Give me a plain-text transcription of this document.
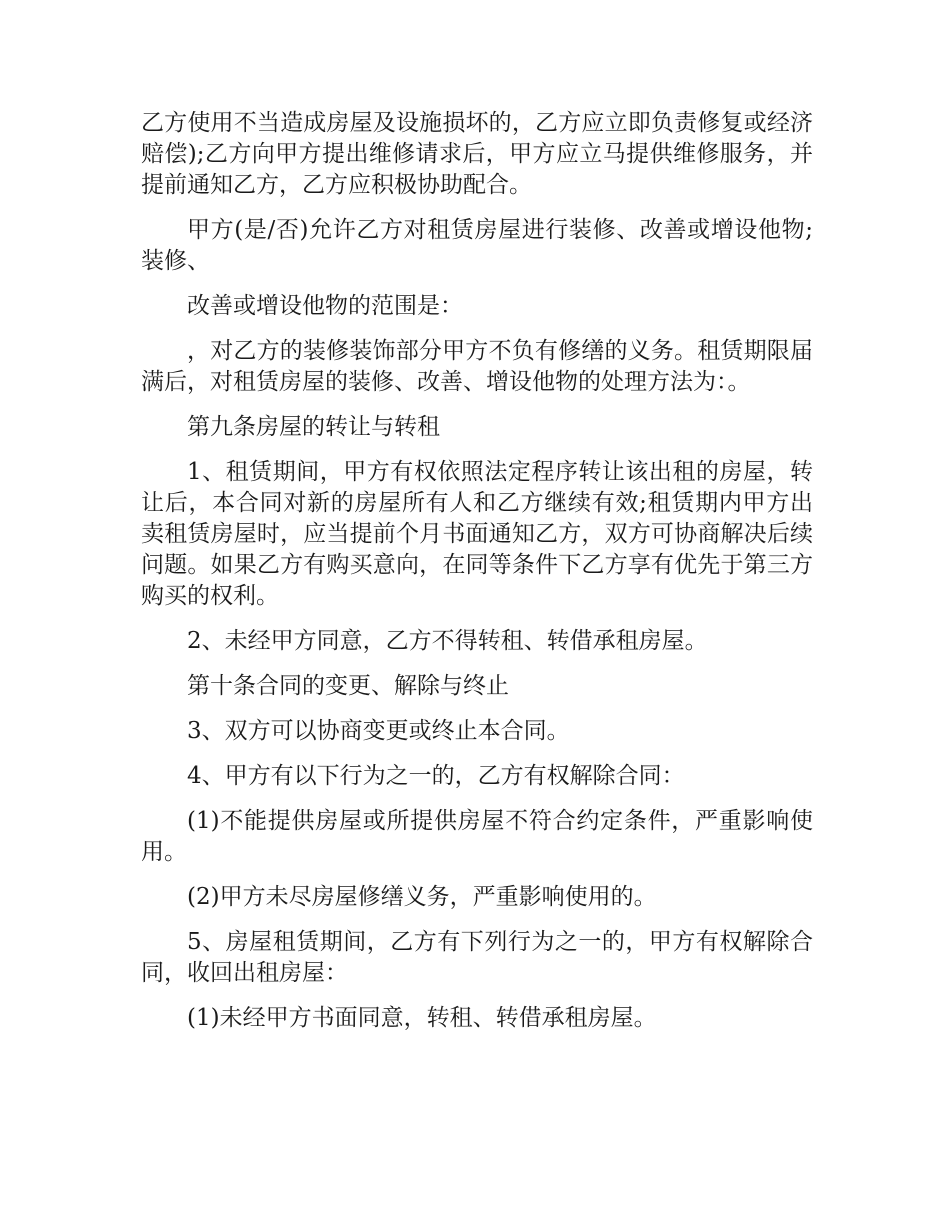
乙方使用不当造成房屋及设施损坏的，乙方应立即负责修复或经济赔偿);乙方向甲方提出维修请求后，甲方应立马提供维修服务，并提前通知乙方，乙方应积极协助配合。

甲方(是/否)允许乙方对租赁房屋进行装修、改善或增设他物;装修、

改善或增设他物的范围是：

，对乙方的装修装饰部分甲方不负有修缮的义务。租赁期限届满后，对租赁房屋的装修、改善、增设他物的处理方法为：。

第九条房屋的转让与转租

1、租赁期间，甲方有权依照法定程序转让该出租的房屋，转让后，本合同对新的房屋所有人和乙方继续有效;租赁期内甲方出卖租赁房屋时，应当提前个月书面通知乙方，双方可协商解决后续问题。如果乙方有购买意向，在同等条件下乙方享有优先于第三方购买的权利。

2、未经甲方同意，乙方不得转租、转借承租房屋。

第十条合同的变更、解除与终止

3、双方可以协商变更或终止本合同。

4、甲方有以下行为之一的，乙方有权解除合同：

(1)不能提供房屋或所提供房屋不符合约定条件，严重影响使用。

(2)甲方未尽房屋修缮义务，严重影响使用的。

5、房屋租赁期间，乙方有下列行为之一的，甲方有权解除合同，收回出租房屋：

(1)未经甲方书面同意，转租、转借承租房屋。
